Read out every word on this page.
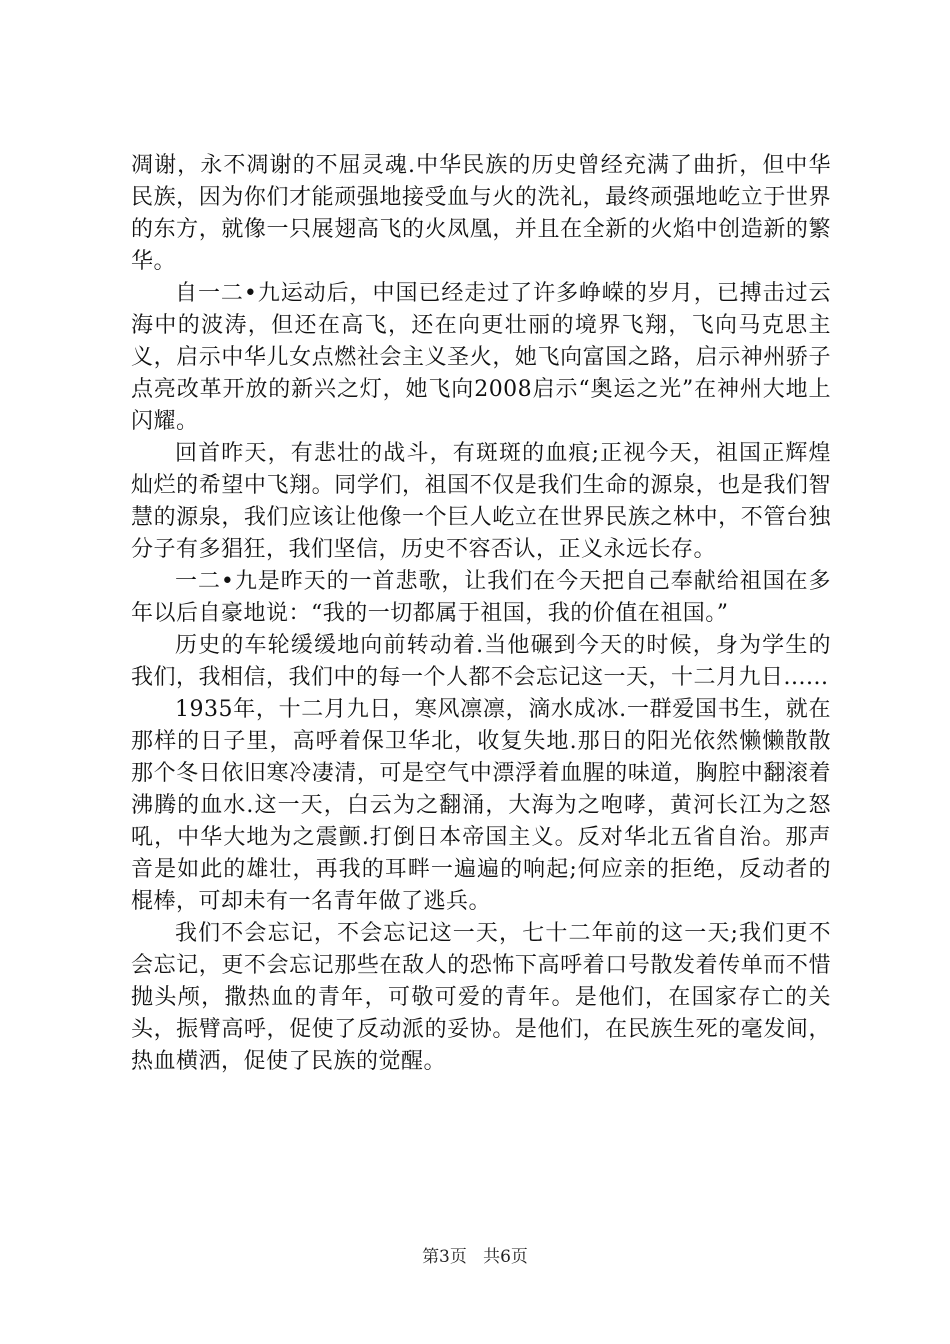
凋谢，永不凋谢的不屈灵魂.中华民族的历史曾经充满了曲折，但中华民族，因为你们才能顽强地接受血与火的洗礼，最终顽强地屹立于世界的东方，就像一只展翅高飞的火凤凰，并且在全新的火焰中创造新的繁华。

自一二•九运动后，中国已经走过了许多峥嵘的岁月，已搏击过云海中的波涛，但还在高飞，还在向更壮丽的境界飞翔，飞向马克思主义，启示中华儿女点燃社会主义圣火，她飞向富国之路，启示神州骄子点亮改革开放的新兴之灯，她飞向2008启示“奥运之光”在神州大地上闪耀。

回首昨天，有悲壮的战斗，有斑斑的血痕;正视今天，祖国正辉煌灿烂的希望中飞翔。同学们，祖国不仅是我们生命的源泉，也是我们智慧的源泉，我们应该让他像一个巨人屹立在世界民族之林中，不管台独分子有多猖狂，我们坚信，历史不容否认，正义永远长存。

一二•九是昨天的一首悲歌，让我们在今天把自己奉献给祖国在多年以后自豪地说：“我的一切都属于祖国，我的价值在祖国。”

历史的车轮缓缓地向前转动着.当他碾到今天的时候，身为学生的我们，我相信，我们中的每一个人都不会忘记这一天，十二月九日......

1935年，十二月九日，寒风凛凛，滴水成冰.一群爱国书生，就在那样的日子里，高呼着保卫华北，收复失地.那日的阳光依然懒懒散散那个冬日依旧寒冷凄清，可是空气中漂浮着血腥的味道，胸腔中翻滚着沸腾的血水.这一天，白云为之翻涌，大海为之咆哮，黄河长江为之怒吼，中华大地为之震颤.打倒日本帝国主义。反对华北五省自治。那声音是如此的雄壮，再我的耳畔一遍遍的响起;何应亲的拒绝，反动者的棍棒，可却未有一名青年做了逃兵。

我们不会忘记，不会忘记这一天，七十二年前的这一天;我们更不会忘记，更不会忘记那些在敌人的恐怖下高呼着口号散发着传单而不惜抛头颅，撒热血的青年，可敬可爱的青年。是他们，在国家存亡的关头，振臂高呼，促使了反动派的妥协。是他们，在民族生死的毫发间，热血横洒，促使了民族的觉醒。

第3页 共6页
